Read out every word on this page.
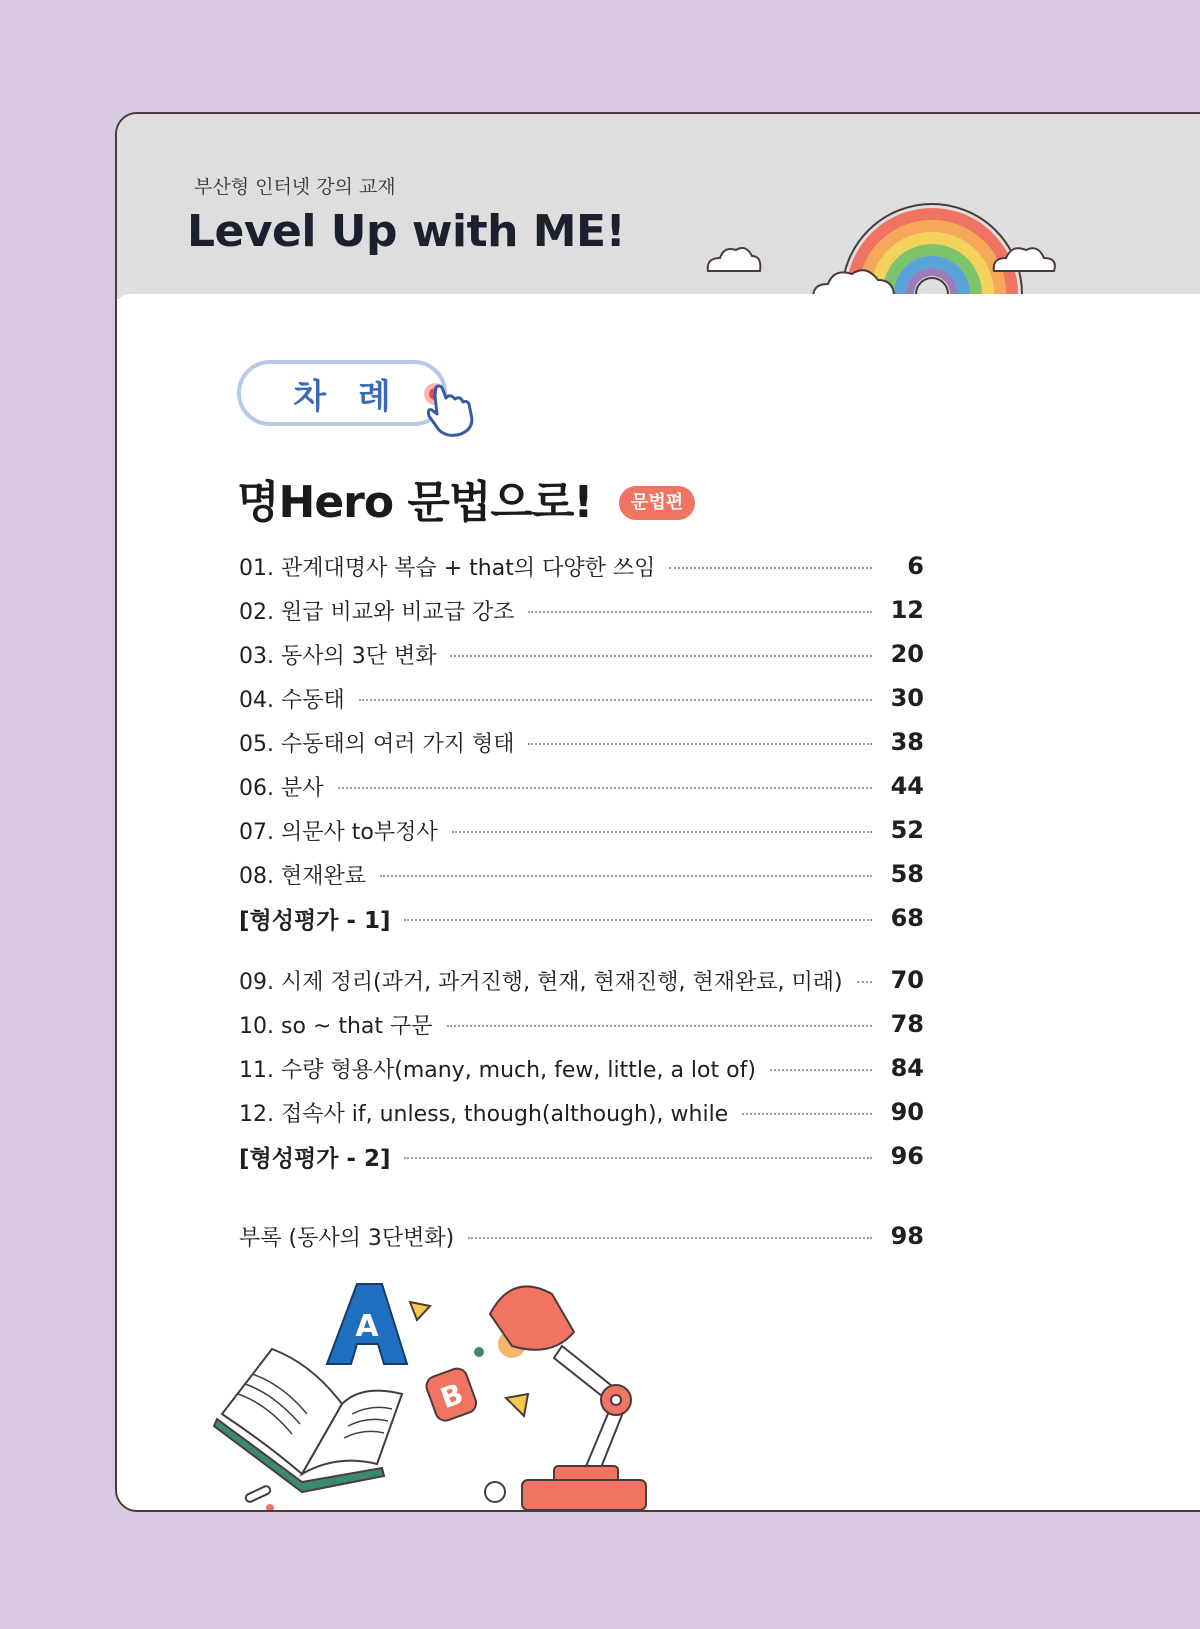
부산형 인터넷 강의 교재
Level Up with ME!
차 례
명Hero 문법으로!	문법편
01. 관계대명사 복습 + that의 다양한 쓰임	6
02. 원급 비교와 비교급 강조	12
03. 동사의 3단 변화	20
04. 수동태	30
05. 수동태의 여러 가지 형태	38
06. 분사	44
07. 의문사 to부정사	52
08. 현재완료	58
[형성평가 - 1]	68
09. 시제 정리(과거, 과거진행, 현재, 현재진행, 현재완료, 미래)	70
10. so ~ that 구문	78
11. 수량 형용사(many, much, few, little, a lot of)	84
12. 접속사 if, unless, though(although), while	90
[형성평가 - 2]	96
부록 (동사의 3단변화)	98
A
B
